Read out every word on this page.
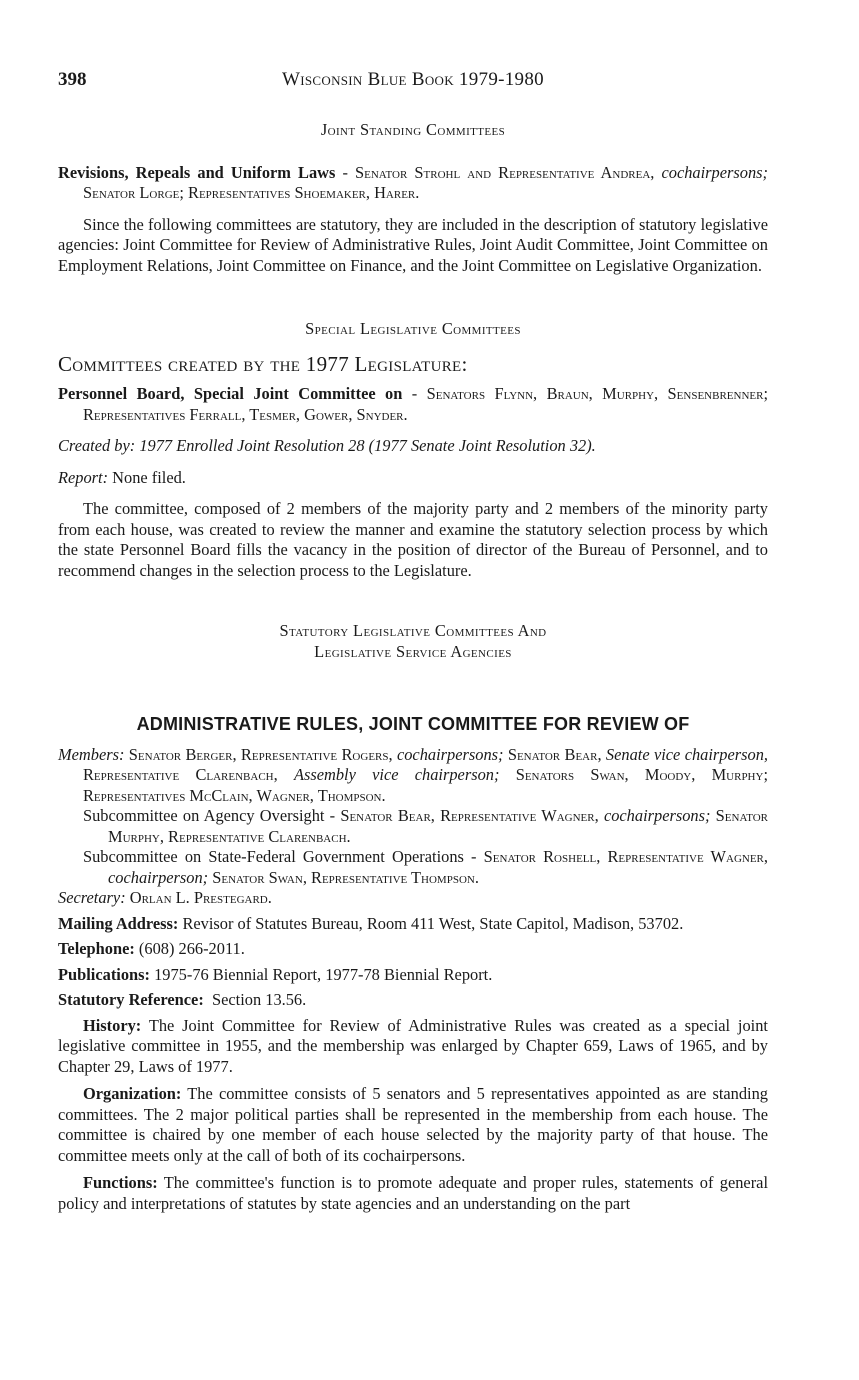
398	Wisconsin Blue Book 1979-1980
Joint Standing Committees

Revisions, Repeals and Uniform Laws - Senator Strohl and Representative Andrea, cochairpersons; Senator Lorge; Representatives Shoemaker, Harer.

Since the following committees are statutory, they are included in the description of statutory legislative agencies: Joint Committee for Review of Administrative Rules, Joint Audit Committee, Joint Committee on Employment Relations, Joint Committee on Finance, and the Joint Committee on Legislative Organization.

Special Legislative Committees
Committees created by the 1977 Legislature:

Personnel Board, Special Joint Committee on - Senators Flynn, Braun, Murphy, Sensenbrenner; Representatives Ferrall, Tesmer, Gower, Snyder.

Created by: 1977 Enrolled Joint Resolution 28 (1977 Senate Joint Resolution 32).

Report: None filed.

The committee, composed of 2 members of the majority party and 2 members of the minority party from each house, was created to review the manner and examine the statutory selection process by which the state Personnel Board fills the vacancy in the position of director of the Bureau of Personnel, and to recommend changes in the selection process to the Legislature.

Statutory Legislative Committees And
Legislative Service Agencies
ADMINISTRATIVE RULES, JOINT COMMITTEE FOR REVIEW OF

Members: Senator Berger, Representative Rogers, cochairpersons; Senator Bear, Senate vice chairperson, Representative Clarenbach, Assembly vice chairperson; Senators Swan, Moody, Murphy; Representatives McClain, Wagner, Thompson.

Subcommittee on Agency Oversight - Senator Bear, Representative Wagner, cochairpersons; Senator Murphy, Representative Clarenbach.

Subcommittee on State-Federal Government Operations - Senator Roshell, Representative Wagner, cochairperson; Senator Swan, Representative Thompson.

Secretary: Orlan L. Prestegard.

Mailing Address: Revisor of Statutes Bureau, Room 411 West, State Capitol, Madison, 53702.

Telephone: (608) 266-2011.

Publications: 1975-76 Biennial Report, 1977-78 Biennial Report.

Statutory Reference:  Section 13.56.

History: The Joint Committee for Review of Administrative Rules was created as a special joint legislative committee in 1955, and the membership was enlarged by Chapter 659, Laws of 1965, and by Chapter 29, Laws of 1977.

Organization: The committee consists of 5 senators and 5 representatives appointed as are standing committees. The 2 major political parties shall be represented in the membership from each house. The committee is chaired by one member of each house selected by the majority party of that house. The committee meets only at the call of both of its cochairpersons.

Functions: The committee's function is to promote adequate and proper rules, statements of general policy and interpretations of statutes by state agencies and an understanding on the part
